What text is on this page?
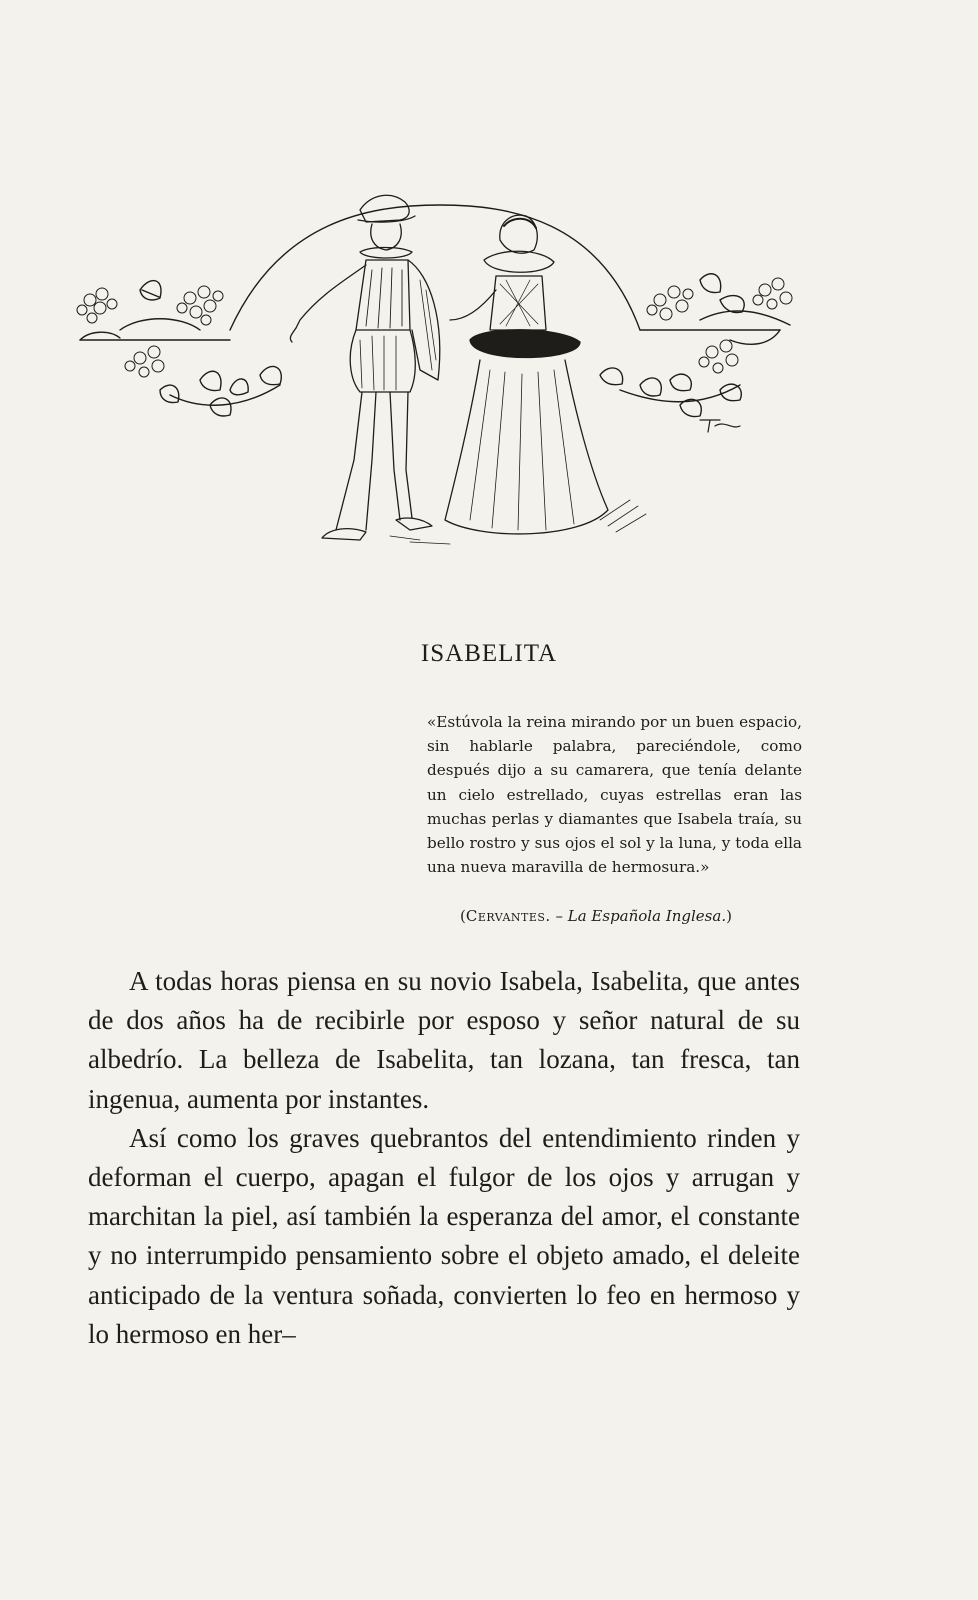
ISABELITA

«Estúvola la reina mirando por un buen espacio, sin hablarle palabra, pareciéndole, como después dijo a su camarera, que tenía delante un cielo estrellado, cuyas estrellas eran las muchas perlas y diamantes que Isabela traía, su bello rostro y sus ojos el sol y la luna, y toda ella una nueva maravilla de hermosura.»

(Cervantes. – La Española Inglesa.)

A todas horas piensa en su novio Isabela, Isabelita, que antes de dos años ha de recibirle por esposo y señor natural de su albedrío. La belleza de Isabelita, tan lozana, tan fresca, tan ingenua, aumenta por instantes.

Así como los graves quebrantos del entendimiento rinden y deforman el cuerpo, apagan el fulgor de los ojos y arrugan y marchitan la piel, así también la esperanza del amor, el constante y no interrumpido pensamiento sobre el objeto amado, el deleite anticipado de la ventura soñada, convierten lo feo en hermoso y lo hermoso en her–
